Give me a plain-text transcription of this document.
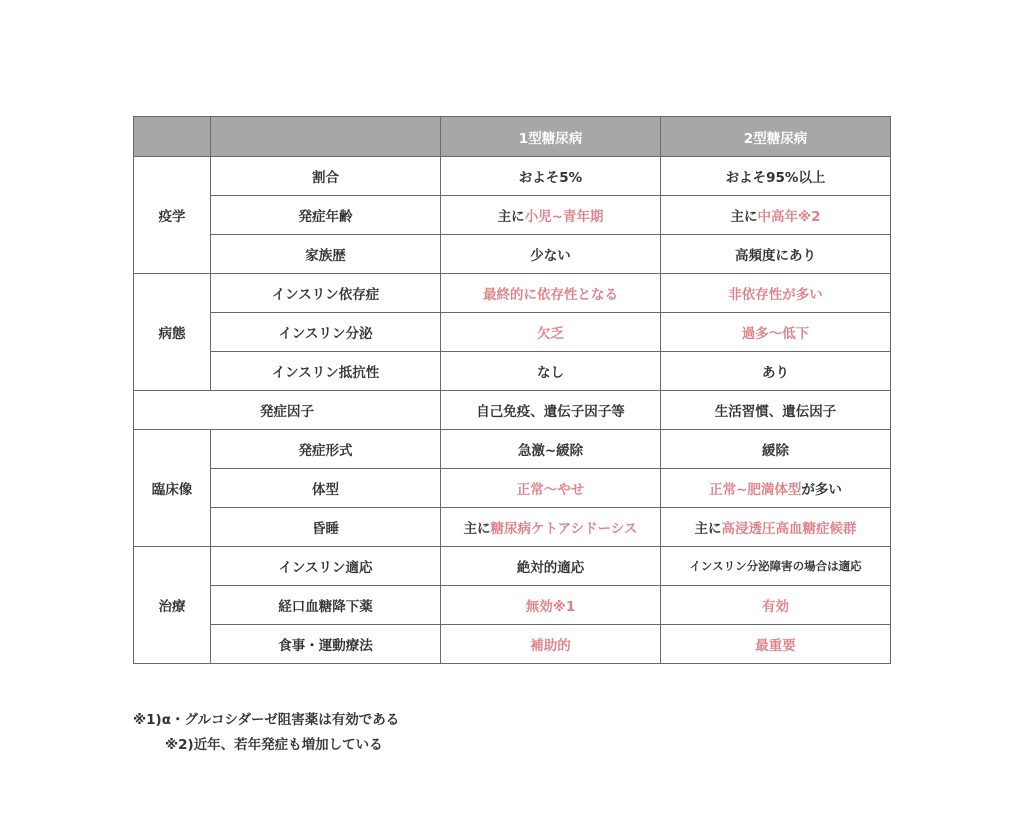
		1型糖尿病	2型糖尿病
疫学	割合	およそ5%	およそ95%以上
	発症年齢	主に小児~青年期	主に中高年※2
	家族歴	少ない	高頻度にあり
病態	インスリン依存症	最終的に依存性となる	非依存性が多い
	インスリン分泌	欠乏	過多〜低下
	インスリン抵抗性	なし	あり
発症因子		自己免疫、遺伝子因子等	生活習慣、遺伝因子
臨床像	発症形式	急激~緩除	緩除
	体型	正常〜やせ	正常~肥満体型が多い
	昏睡	主に糖尿病ケトアシドーシス	主に高浸透圧高血糖症候群
治療	インスリン適応	絶対的適応	インスリン分泌障害の場合は適応
	経口血糖降下薬	無効※1	有効
	食事・運動療法	補助的	最重要
※1)α・グルコシダーゼ阻害薬は有効である
※2)近年、若年発症も増加している
